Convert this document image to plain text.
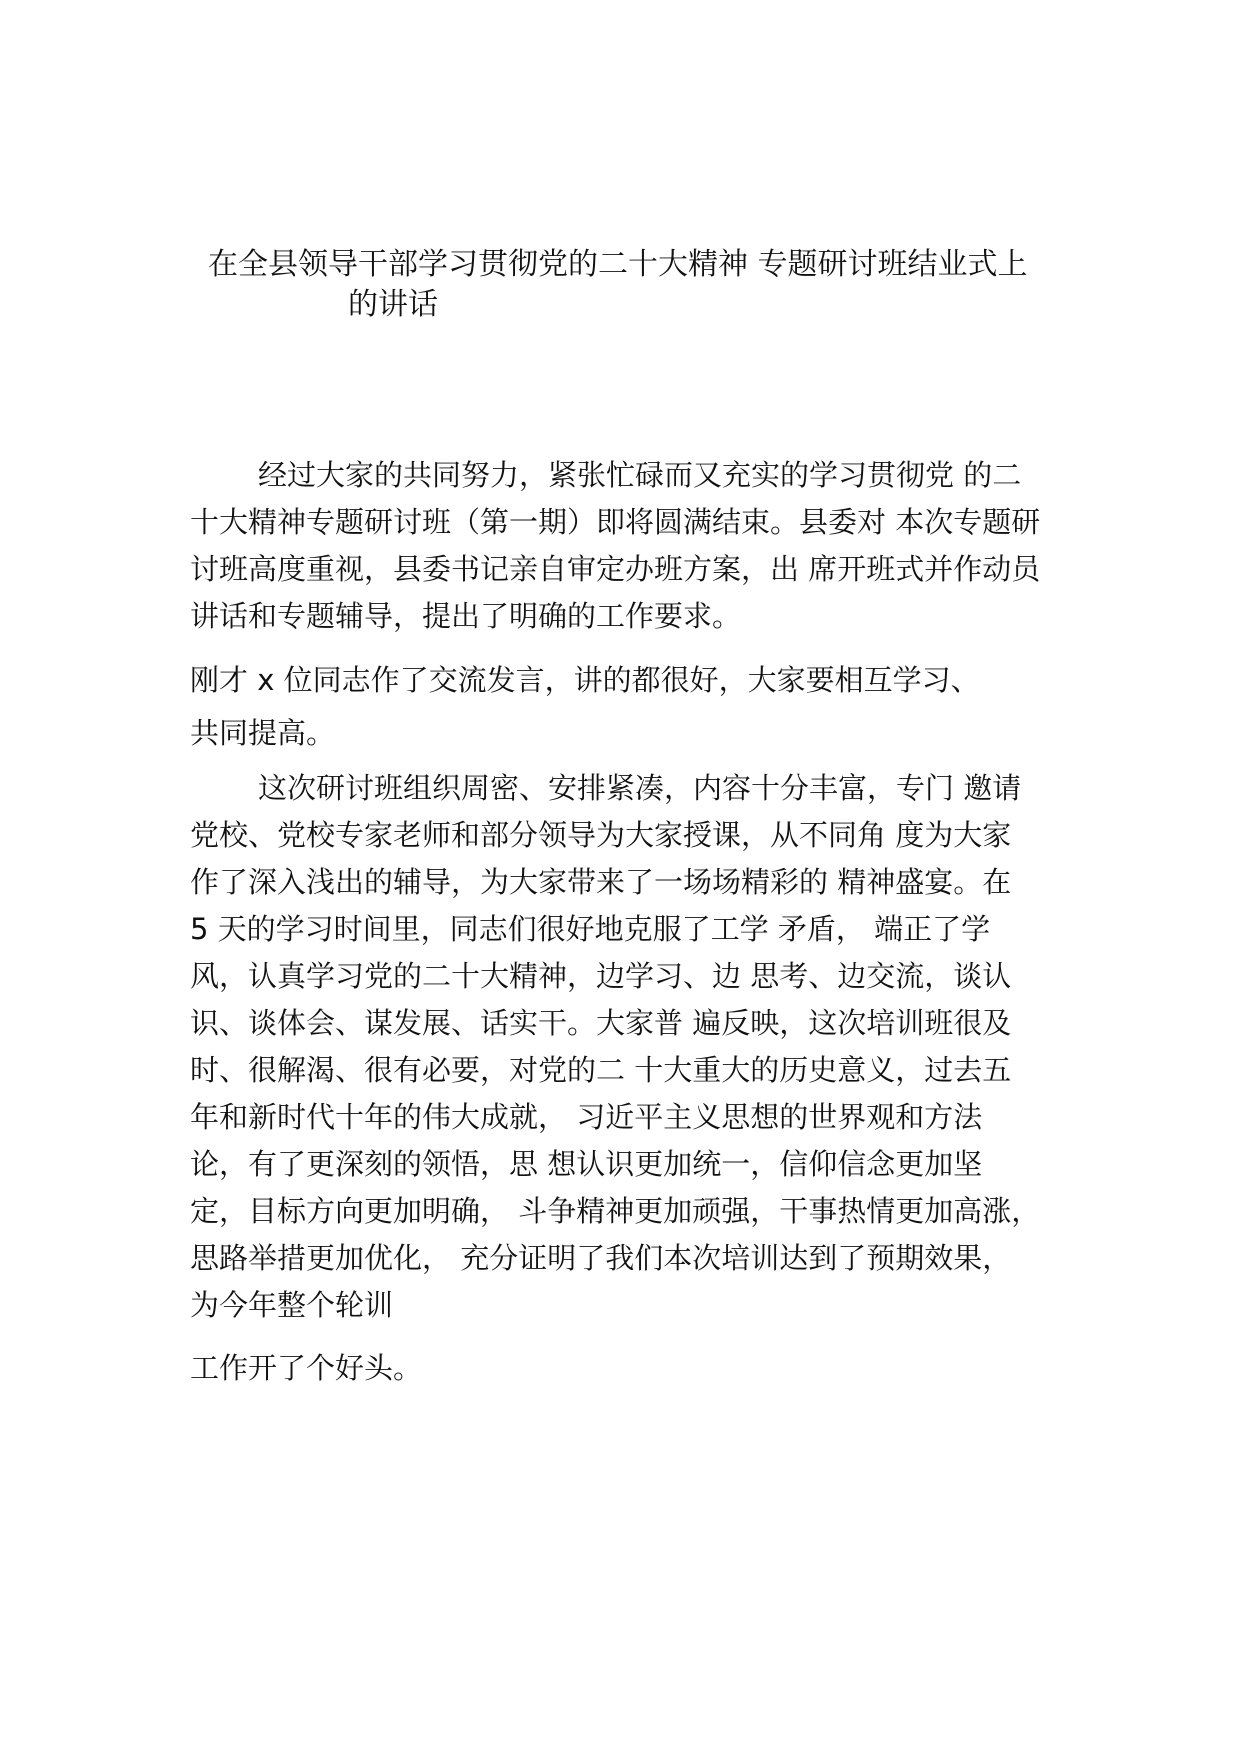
在全县领导干部学习贯彻党的二十大精神 专题研讨班结业式上
的讲话
经过大家的共同努力，紧张忙碌而又充实的学习贯彻党 的二
十大精神专题研讨班（第一期）即将圆满结束。县委对 本次专题研
讨班高度重视，县委书记亲自审定办班方案，出 席开班式并作动员
讲话和专题辅导，提出了明确的工作要求。
刚才 x 位同志作了交流发言，讲的都很好，大家要相互学习、
共同提高。
这次研讨班组织周密、安排紧凑，内容十分丰富，专门 邀请
党校、党校专家老师和部分领导为大家授课，从不同角 度为大家
作了深入浅出的辅导，为大家带来了一场场精彩的 精神盛宴。在
5 天的学习时间里，同志们很好地克服了工学 矛盾， 端正了学
风，认真学习党的二十大精神，边学习、边 思考、边交流，谈认
识、谈体会、谋发展、话实干。大家普 遍反映，这次培训班很及
时、很解渴、很有必要，对党的二 十大重大的历史意义，过去五
年和新时代十年的伟大成就， 习近平主义思想的世界观和方法
论，有了更深刻的领悟，思 想认识更加统一，信仰信念更加坚
定，目标方向更加明确， 斗争精神更加顽强，干事热情更加高涨，
思路举措更加优化， 充分证明了我们本次培训达到了预期效果，
为今年整个轮训
工作开了个好头。
